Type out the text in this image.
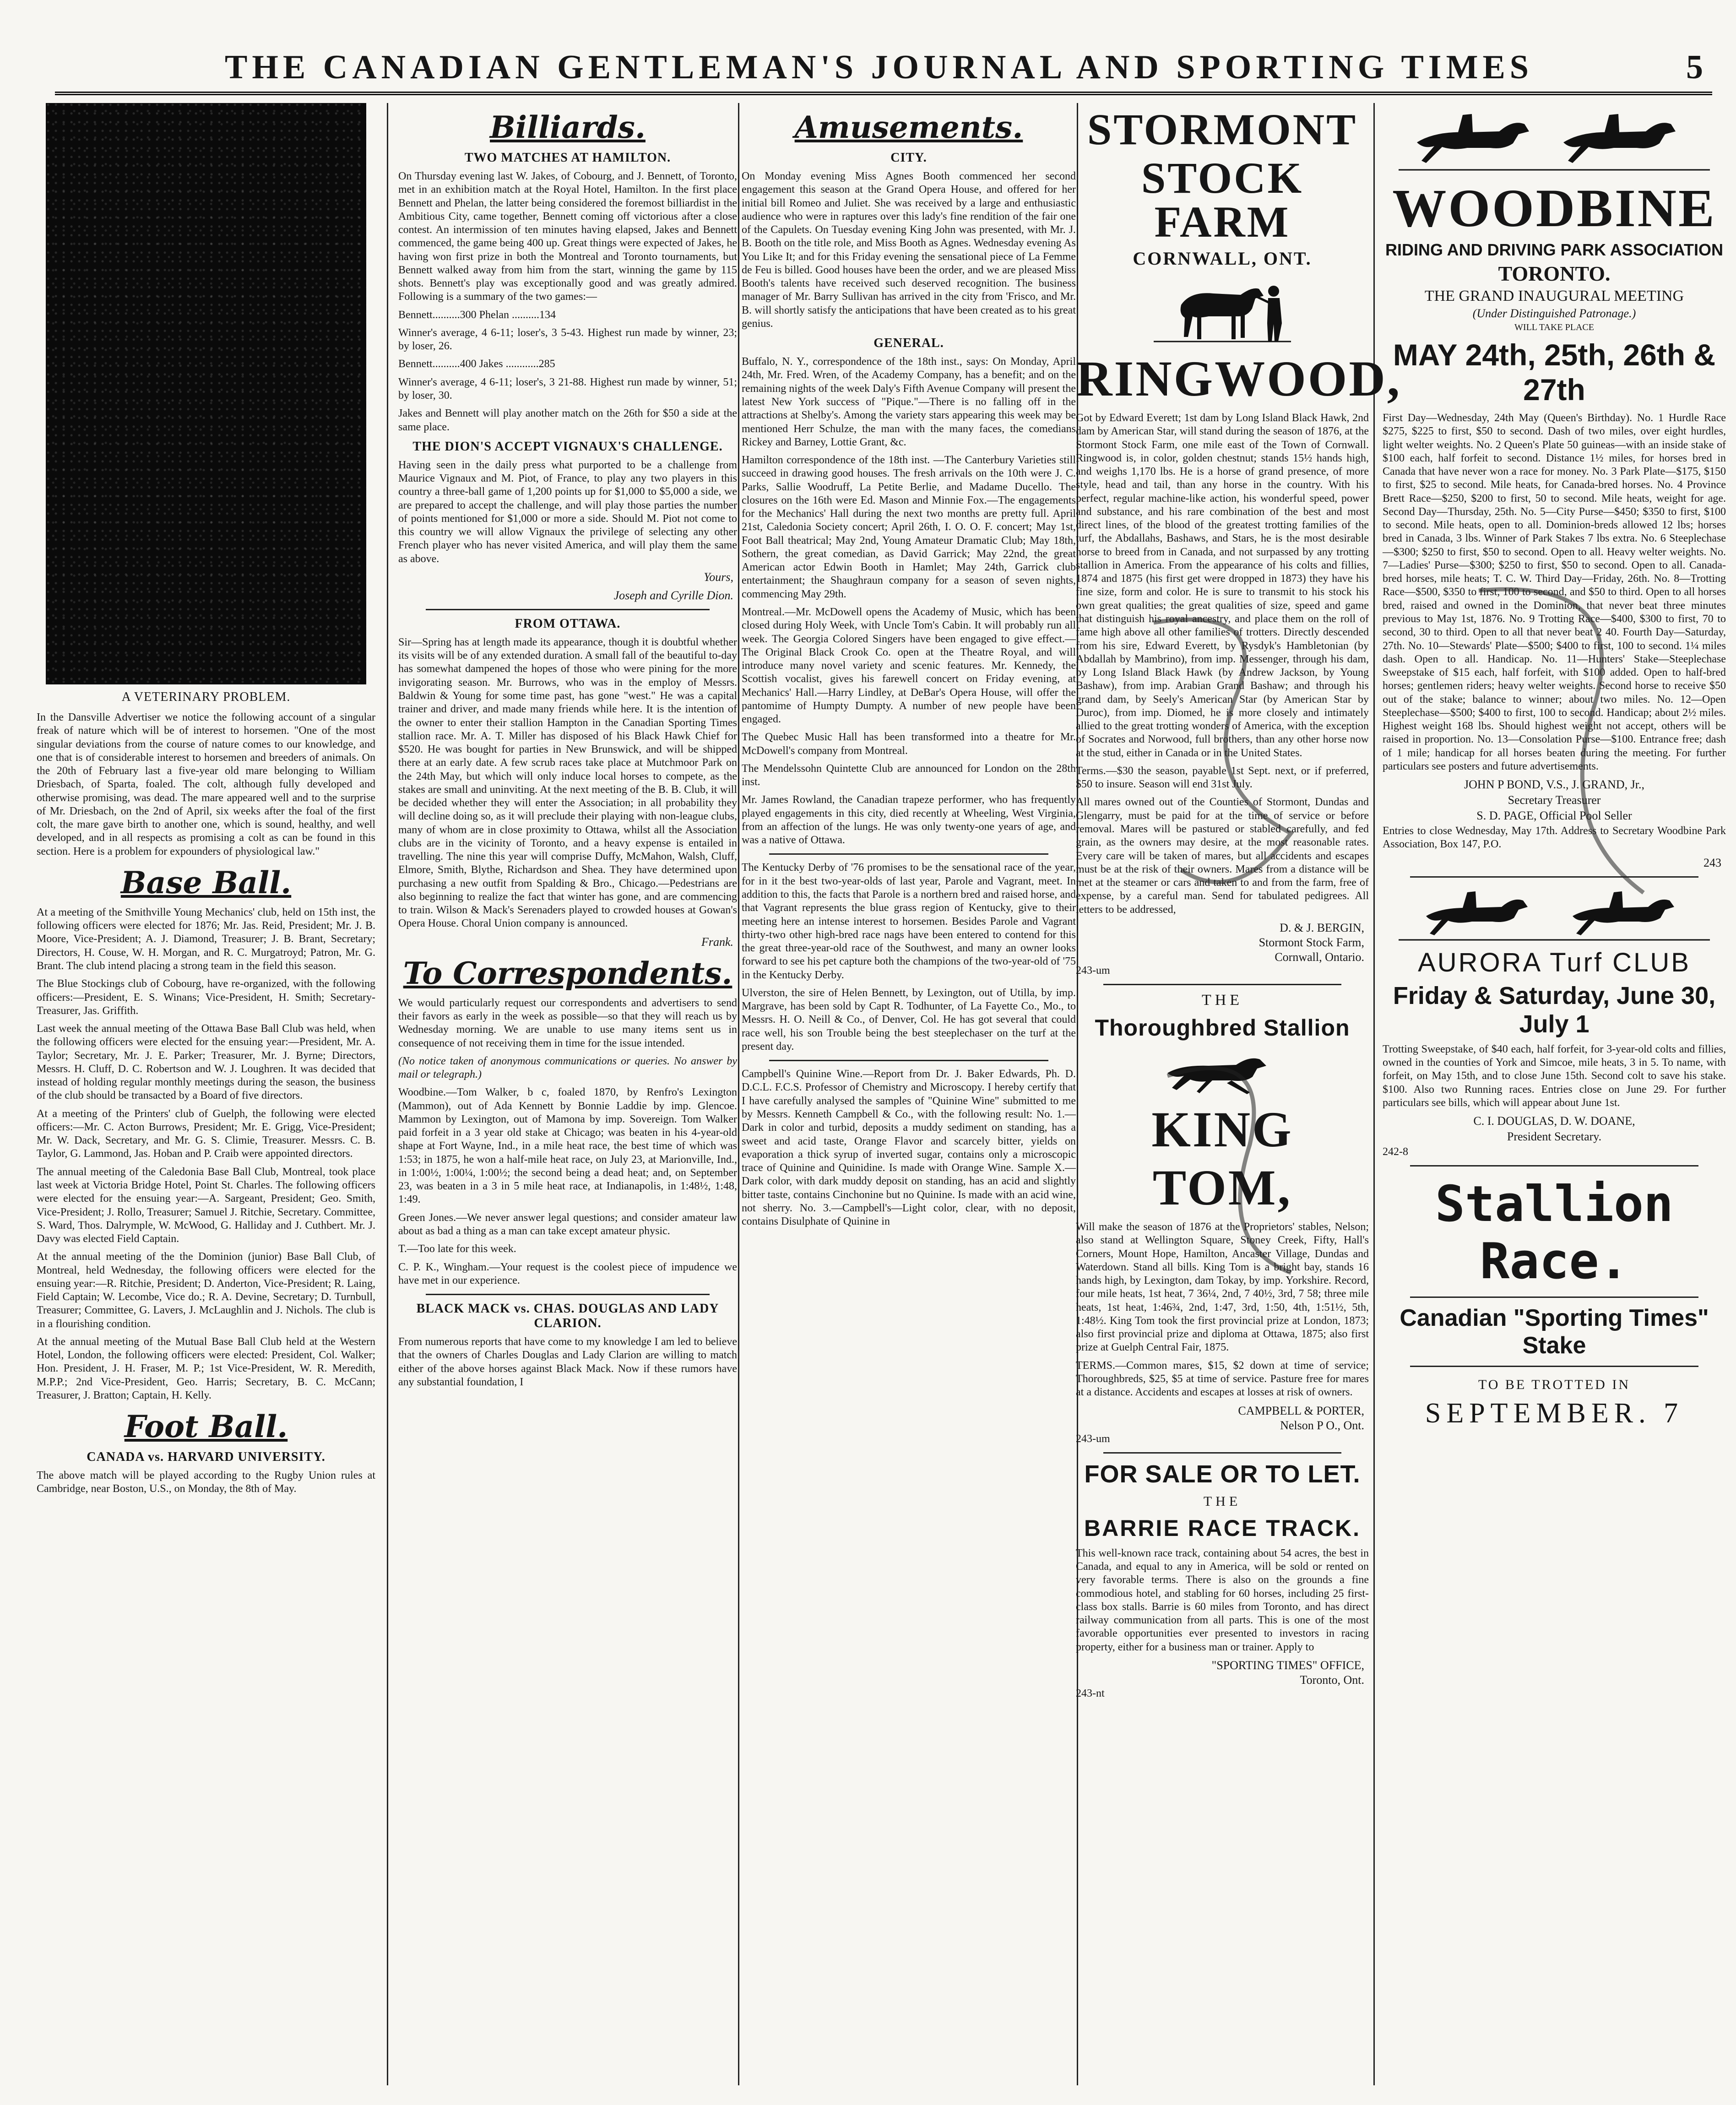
THE CANADIAN GENTLEMAN'S JOURNAL AND SPORTING TIMES	5
A VETERINARY PROBLEM.

In the Dansville Advertiser we notice the following account of a singular freak of nature which will be of interest to horsemen. "One of the most singular deviations from the course of nature comes to our knowledge, and one that is of considerable interest to horsemen and breeders of animals. On the 20th of February last a five-year old mare belonging to William Driesbach, of Sparta, foaled. The colt, although fully developed and otherwise promising, was dead. The mare appeared well and to the surprise of Mr. Driesbach, on the 2nd of April, six weeks after the foal of the first colt, the mare gave birth to another one, which is sound, healthy, and well developed, and in all respects as promising a colt as can be found in this section. Here is a problem for expounders of physiological law."

Base Ball.

At a meeting of the Smithville Young Mechanics' club, held on 15th inst, the following officers were elected for 1876; Mr. Jas. Reid, President; Mr. J. B. Moore, Vice-President; A. J. Diamond, Treasurer; J. B. Brant, Secretary; Directors, H. Couse, W. H. Morgan, and R. C. Murgatroyd; Patron, Mr. G. Brant. The club intend placing a strong team in the field this season.

The Blue Stockings club of Cobourg, have re-organized, with the following officers:—President, E. S. Winans; Vice-President, H. Smith; Secretary-Treasurer, Jas. Griffith.

Last week the annual meeting of the Ottawa Base Ball Club was held, when the following officers were elected for the ensuing year:—President, Mr. A. Taylor; Secretary, Mr. J. E. Parker; Treasurer, Mr. J. Byrne; Directors, Messrs. H. Cluff, D. C. Robertson and W. J. Loughren. It was decided that instead of holding regular monthly meetings during the season, the business of the club should be transacted by a Board of five directors.

At a meeting of the Printers' club of Guelph, the following were elected officers:—Mr. C. Acton Burrows, President; Mr. E. Grigg, Vice-President; Mr. W. Dack, Secretary, and Mr. G. S. Climie, Treasurer. Messrs. C. B. Taylor, G. Lammond, Jas. Hoban and P. Craib were appointed directors.

The annual meeting of the Caledonia Base Ball Club, Montreal, took place last week at Victoria Bridge Hotel, Point St. Charles. The following officers were elected for the ensuing year:—A. Sargeant, President; Geo. Smith, Vice-President; J. Rollo, Treasurer; Samuel J. Ritchie, Secretary. Committee, S. Ward, Thos. Dalrymple, W. McWood, G. Halliday and J. Cuthbert. Mr. J. Davy was elected Field Captain.

At the annual meeting of the the Dominion (junior) Base Ball Club, of Montreal, held Wednesday, the following officers were elected for the ensuing year:—R. Ritchie, President; D. Anderton, Vice-President; R. Laing, Field Captain; W. Lecombe, Vice do.; R. A. Devine, Secretary; D. Turnbull, Treasurer; Committee, G. Lavers, J. McLaughlin and J. Nichols. The club is in a flourishing condition.

At the annual meeting of the Mutual Base Ball Club held at the Western Hotel, London, the following officers were elected: President, Col. Walker; Hon. President, J. H. Fraser, M. P.; 1st Vice-President, W. R. Meredith, M.P.P.; 2nd Vice-President, Geo. Harris; Secretary, B. C. McCann; Treasurer, J. Bratton; Captain, H. Kelly.

Foot Ball.
CANADA vs. HARVARD UNIVERSITY.

The above match will be played according to the Rugby Union rules at Cambridge, near Boston, U.S., on Monday, the 8th of May.

Billiards.
TWO MATCHES AT HAMILTON.

On Thursday evening last W. Jakes, of Cobourg, and J. Bennett, of Toronto, met in an exhibition match at the Royal Hotel, Hamilton. In the first place Bennett and Phelan, the latter being considered the foremost billiardist in the Ambitious City, came together, Bennett coming off victorious after a close contest. An intermission of ten minutes having elapsed, Jakes and Bennett commenced, the game being 400 up. Great things were expected of Jakes, he having won first prize in both the Montreal and Toronto tournaments, but Bennett walked away from him from the start, winning the game by 115 shots. Bennett's play was exceptionally good and was greatly admired. Following is a summary of the two games:—

Bennett..........300 Phelan ..........134

Winner's average, 4 6-11; loser's, 3 5-43. Highest run made by winner, 23; by loser, 26.

Bennett..........400 Jakes ............285

Winner's average, 4 6-11; loser's, 3 21-88. Highest run made by winner, 51; by loser, 30.

Jakes and Bennett will play another match on the 26th for $50 a side at the same place.

THE DION'S ACCEPT VIGNAUX'S CHALLENGE.

Having seen in the daily press what purported to be a challenge from Maurice Vignaux and M. Piot, of France, to play any two players in this country a three-ball game of 1,200 points up for $1,000 to $5,000 a side, we are prepared to accept the challenge, and will play those parties the number of points mentioned for $1,000 or more a side. Should M. Piot not come to this country we will allow Vignaux the privilege of selecting any other French player who has never visited America, and will play them the same as above.

Yours,
Joseph and Cyrille Dion.
FROM OTTAWA.

Sir—Spring has at length made its appearance, though it is doubtful whether its visits will be of any extended duration. A small fall of the beautiful to-day has somewhat dampened the hopes of those who were pining for the more invigorating season. Mr. Burrows, who was in the employ of Messrs. Baldwin & Young for some time past, has gone "west." He was a capital trainer and driver, and made many friends while here. It is the intention of the owner to enter their stallion Hampton in the Canadian Sporting Times stallion race. Mr. A. T. Miller has disposed of his Black Hawk Chief for $520. He was bought for parties in New Brunswick, and will be shipped there at an early date. A few scrub races take place at Mutchmoor Park on the 24th May, but which will only induce local horses to compete, as the stakes are small and uninviting. At the next meeting of the B. B. Club, it will be decided whether they will enter the Association; in all probability they will decline doing so, as it will preclude their playing with non-league clubs, many of whom are in close proximity to Ottawa, whilst all the Association clubs are in the vicinity of Toronto, and a heavy expense is entailed in travelling. The nine this year will comprise Duffy, McMahon, Walsh, Cluff, Elmore, Smith, Blythe, Richardson and Shea. They have determined upon purchasing a new outfit from Spalding & Bro., Chicago.—Pedestrians are also beginning to realize the fact that winter has gone, and are commencing to train. Wilson & Mack's Serenaders played to crowded houses at Gowan's Opera House. Choral Union company is announced.

Frank.
To Correspondents.

We would particularly request our correspondents and advertisers to send their favors as early in the week as possible—so that they will reach us by Wednesday morning. We are unable to use many items sent us in consequence of not receiving them in time for the issue intended.

(No notice taken of anonymous communications or queries. No answer by mail or telegraph.)

Woodbine.—Tom Walker, b c, foaled 1870, by Renfro's Lexington (Mammon), out of Ada Kennett by Bonnie Laddie by imp. Glencoe. Mammon by Lexington, out of Mamona by imp. Sovereign. Tom Walker paid forfeit in a 3 year old stake at Chicago; was beaten in his 4-year-old shape at Fort Wayne, Ind., in a mile heat race, the best time of which was 1:53; in 1875, he won a half-mile heat race, on July 23, at Marionville, Ind., in 1:00½, 1:00¼, 1:00½; the second being a dead heat; and, on September 23, was beaten in a 3 in 5 mile heat race, at Indianapolis, in 1:48½, 1:48, 1:49.

Green Jones.—We never answer legal questions; and consider amateur law about as bad a thing as a man can take except amateur physic.

T.—Too late for this week.

C. P. K., Wingham.—Your request is the coolest piece of impudence we have met in our experience.

BLACK MACK vs. CHAS. DOUGLAS AND LADY CLARION.

From numerous reports that have come to my knowledge I am led to believe that the owners of Charles Douglas and Lady Clarion are willing to match either of the above horses against Black Mack. Now if these rumors have any substantial foundation, I

Amusements.
CITY.

On Monday evening Miss Agnes Booth commenced her second engagement this season at the Grand Opera House, and offered for her initial bill Romeo and Juliet. She was received by a large and enthusiastic audience who were in raptures over this lady's fine rendition of the fair one of the Capulets. On Tuesday evening King John was presented, with Mr. J. B. Booth on the title role, and Miss Booth as Agnes. Wednesday evening As You Like It; and for this Friday evening the sensational piece of La Femme de Feu is billed. Good houses have been the order, and we are pleased Miss Booth's talents have received such deserved recognition. The business manager of Mr. Barry Sullivan has arrived in the city from 'Frisco, and Mr. B. will shortly satisfy the anticipations that have been created as to his great genius.

GENERAL.

Buffalo, N. Y., correspondence of the 18th inst., says: On Monday, April 24th, Mr. Fred. Wren, of the Academy Company, has a benefit; and on the remaining nights of the week Daly's Fifth Avenue Company will present the latest New York success of "Pique."—There is no falling off in the attractions at Shelby's. Among the variety stars appearing this week may be mentioned Herr Schulze, the man with the many faces, the comedians Rickey and Barney, Lottie Grant, &c.

Hamilton correspondence of the 18th inst. —The Canterbury Varieties still succeed in drawing good houses. The fresh arrivals on the 10th were J. C. Parks, Sallie Woodruff, La Petite Berlie, and Madame Ducello. The closures on the 16th were Ed. Mason and Minnie Fox.—The engagements for the Mechanics' Hall during the next two months are pretty full. April 21st, Caledonia Society concert; April 26th, I. O. O. F. concert; May 1st, Foot Ball theatrical; May 2nd, Young Amateur Dramatic Club; May 18th, Sothern, the great comedian, as David Garrick; May 22nd, the great American actor Edwin Booth in Hamlet; May 24th, Garrick club entertainment; the Shaughraun company for a season of seven nights, commencing May 29th.

Montreal.—Mr. McDowell opens the Academy of Music, which has been closed during Holy Week, with Uncle Tom's Cabin. It will probably run all week. The Georgia Colored Singers have been engaged to give effect.—The Original Black Crook Co. open at the Theatre Royal, and will introduce many novel variety and scenic features. Mr. Kennedy, the Scottish vocalist, gives his farewell concert on Friday evening, at Mechanics' Hall.—Harry Lindley, at DeBar's Opera House, will offer the pantomime of Humpty Dumpty. A number of new people have been engaged.

The Quebec Music Hall has been transformed into a theatre for Mr. McDowell's company from Montreal.

The Mendelssohn Quintette Club are announced for London on the 28th inst.

Mr. James Rowland, the Canadian trapeze performer, who has frequently played engagements in this city, died recently at Wheeling, West Virginia, from an affection of the lungs. He was only twenty-one years of age, and was a native of Ottawa.

The Kentucky Derby of '76 promises to be the sensational race of the year, for in it the best two-year-olds of last year, Parole and Vagrant, meet. In addition to this, the facts that Parole is a northern bred and raised horse, and that Vagrant represents the blue grass region of Kentucky, give to their meeting here an intense interest to horsemen. Besides Parole and Vagrant thirty-two other high-bred race nags have been entered to contend for this the great three-year-old race of the Southwest, and many an owner looks forward to see his pet capture both the champions of the two-year-old of '75 in the Kentucky Derby.

Ulverston, the sire of Helen Bennett, by Lexington, out of Utilla, by imp. Margrave, has been sold by Capt R. Todhunter, of La Fayette Co., Mo., to Messrs. H. O. Neill & Co., of Denver, Col. He has got several that could race well, his son Trouble being the best steeplechaser on the turf at the present day.

Campbell's Quinine Wine.—Report from Dr. J. Baker Edwards, Ph. D. D.C.L. F.C.S. Professor of Chemistry and Microscopy. I hereby certify that I have carefully analysed the samples of "Quinine Wine" submitted to me by Messrs. Kenneth Campbell & Co., with the following result: No. 1.—Dark in color and turbid, deposits a muddy sediment on standing, has a sweet and acid taste, Orange Flavor and scarcely bitter, yields on evaporation a thick syrup of inverted sugar, contains only a microscopic trace of Quinine and Quinidine. Is made with Orange Wine. Sample X.—Dark color, with dark muddy deposit on standing, has an acid and slightly bitter taste, contains Cinchonine but no Quinine. Is made with an acid wine, not sherry. No. 3.—Campbell's—Light color, clear, with no deposit, contains Disulphate of Quinine in

STORMONT
STOCK FARM
CORNWALL, ONT.
RINGWOOD,

Got by Edward Everett; 1st dam by Long Island Black Hawk, 2nd dam by American Star, will stand during the season of 1876, at the Stormont Stock Farm, one mile east of the Town of Cornwall. Ringwood is, in color, golden chestnut; stands 15½ hands high, and weighs 1,170 lbs. He is a horse of grand presence, of more style, head and tail, than any horse in the country. With his perfect, regular machine-like action, his wonderful speed, power and substance, and his rare combination of the best and most direct lines, of the blood of the greatest trotting families of the turf, the Abdallahs, Bashaws, and Stars, he is the most desirable horse to breed from in Canada, and not surpassed by any trotting stallion in America. From the appearance of his colts and fillies, 1874 and 1875 (his first get were dropped in 1873) they have his fine size, form and color. He is sure to transmit to his stock his own great qualities; the great qualities of size, speed and game that distinguish his royal ancestry, and place them on the roll of fame high above all other families of trotters. Directly descended from his sire, Edward Everett, by Rysdyk's Hambletonian (by Abdallah by Mambrino), from imp. Messenger, through his dam, by Long Island Black Hawk (by Andrew Jackson, by Young Bashaw), from imp. Arabian Grand Bashaw; and through his grand dam, by Seely's American Star (by American Star by Duroc), from imp. Diomed, he is more closely and intimately allied to the great trotting wonders of America, with the exception of Socrates and Norwood, full brothers, than any other horse now at the stud, either in Canada or in the United States.

Terms.—$30 the season, payable 1st Sept. next, or if preferred, $50 to insure. Season will end 31st July.

All mares owned out of the Counties of Stormont, Dundas and Glengarry, must be paid for at the time of service or before removal. Mares will be pastured or stabled carefully, and fed grain, as the owners may desire, at the most reasonable rates. Every care will be taken of mares, but all accidents and escapes must be at the risk of their owners. Mares from a distance will be met at the steamer or cars and taken to and from the farm, free of expense, by a careful man. Send for tabulated pedigrees. All letters to be addressed,

D. & J. BERGIN,
Stormont Stock Farm,
Cornwall, Ontario.
243-um
THE
Thoroughbred Stallion
KING TOM,

Will make the season of 1876 at the Proprietors' stables, Nelson; also stand at Wellington Square, Stoney Creek, Fifty, Hall's Corners, Mount Hope, Hamilton, Ancaster Village, Dundas and Waterdown. Stand all bills. King Tom is a bright bay, stands 16 hands high, by Lexington, dam Tokay, by imp. Yorkshire. Record, four mile heats, 1st heat, 7 36¼, 2nd, 7 40½, 3rd, 7 58; three mile heats, 1st heat, 1:46¾, 2nd, 1:47, 3rd, 1:50, 4th, 1:51½, 5th, 1:48½. King Tom took the first provincial prize at London, 1873; also first provincial prize and diploma at Ottawa, 1875; also first prize at Guelph Central Fair, 1875.

TERMS.—Common mares, $15, $2 down at time of service; Thoroughbreds, $25, $5 at time of service. Pasture free for mares at a distance. Accidents and escapes at losses at risk of owners.

CAMPBELL & PORTER,
Nelson P O., Ont.
243-um
FOR SALE OR TO LET.
THE
BARRIE RACE TRACK.

This well-known race track, containing about 54 acres, the best in Canada, and equal to any in America, will be sold or rented on very favorable terms. There is also on the grounds a fine commodious hotel, and stabling for 60 horses, including 25 first-class box stalls. Barrie is 60 miles from Toronto, and has direct railway communication from all parts. This is one of the most favorable opportunities ever presented to investors in racing property, either for a business man or trainer. Apply to

"SPORTING TIMES" OFFICE,
Toronto, Ont.
243-nt
WOODBINE
RIDING AND DRIVING PARK ASSOCIATION
TORONTO.
THE GRAND INAUGURAL MEETING
(Under Distinguished Patronage.)
WILL TAKE PLACE
MAY 24th, 25th, 26th & 27th

First Day—Wednesday, 24th May (Queen's Birthday). No. 1 Hurdle Race $275, $225 to first, $50 to second. Dash of two miles, over eight hurdles, light welter weights. No. 2 Queen's Plate 50 guineas—with an inside stake of $100 each, half forfeit to second. Distance 1½ miles, for horses bred in Canada that have never won a race for money. No. 3 Park Plate—$175, $150 to first, $25 to second. Mile heats, for Canada-bred horses. No. 4 Province Brett Race—$250, $200 to first, 50 to second. Mile heats, weight for age. Second Day—Thursday, 25th. No. 5—City Purse—$450; $350 to first, $100 to second. Mile heats, open to all. Dominion-breds allowed 12 lbs; horses bred in Canada, 3 lbs. Winner of Park Stakes 7 lbs extra. No. 6 Steeplechase—$300; $250 to first, $50 to second. Open to all. Heavy welter weights. No. 7—Ladies' Purse—$300; $250 to first, $50 to second. Open to all. Canada-bred horses, mile heats; T. C. W. Third Day—Friday, 26th. No. 8—Trotting Race—$500, $350 to first, 100 to second, and $50 to third. Open to all horses bred, raised and owned in the Dominion, that never beat three minutes previous to May 1st, 1876. No. 9 Trotting Race—$400, $300 to first, 70 to second, 30 to third. Open to all that never beat 2 40. Fourth Day—Saturday, 27th. No. 10—Stewards' Plate—$500; $400 to first, 100 to second. 1¼ miles dash. Open to all. Handicap. No. 11—Hunters' Stake—Steeplechase Sweepstake of $15 each, half forfeit, with $100 added. Open to half-bred horses; gentlemen riders; heavy welter weights. Second horse to receive $50 out of the stake; balance to winner; about two miles. No. 12—Open Steeplechase—$500; $400 to first, 100 to second. Handicap; about 2½ miles. Highest weight 168 lbs. Should highest weight not accept, others will be raised in proportion. No. 13—Consolation Purse—$100. Entrance free; dash of 1 mile; handicap for all horses beaten during the meeting. For further particulars see posters and future advertisements.

JOHN P BOND, V.S., J. GRAND, Jr.,
Secretary Treasurer
S. D. PAGE, Official Pool Seller

Entries to close Wednesday, May 17th. Address to Secretary Woodbine Park Association, Box 147, P.O.

243
AURORA Turf CLUB
Friday & Saturday, June 30, July 1

Trotting Sweepstake, of $40 each, half forfeit, for 3-year-old colts and fillies, owned in the counties of York and Simcoe, mile heats, 3 in 5. To name, with forfeit, on May 15th, and to close June 15th. Second colt to save his stake. $100. Also two Running races. Entries close on June 29. For further particulars see bills, which will appear about June 1st.

C. I. DOUGLAS, D. W. DOANE,
President Secretary.
242-8
Stallion Race.
Canadian "Sporting Times" Stake
TO BE TROTTED IN
SEPTEMBER. 7
